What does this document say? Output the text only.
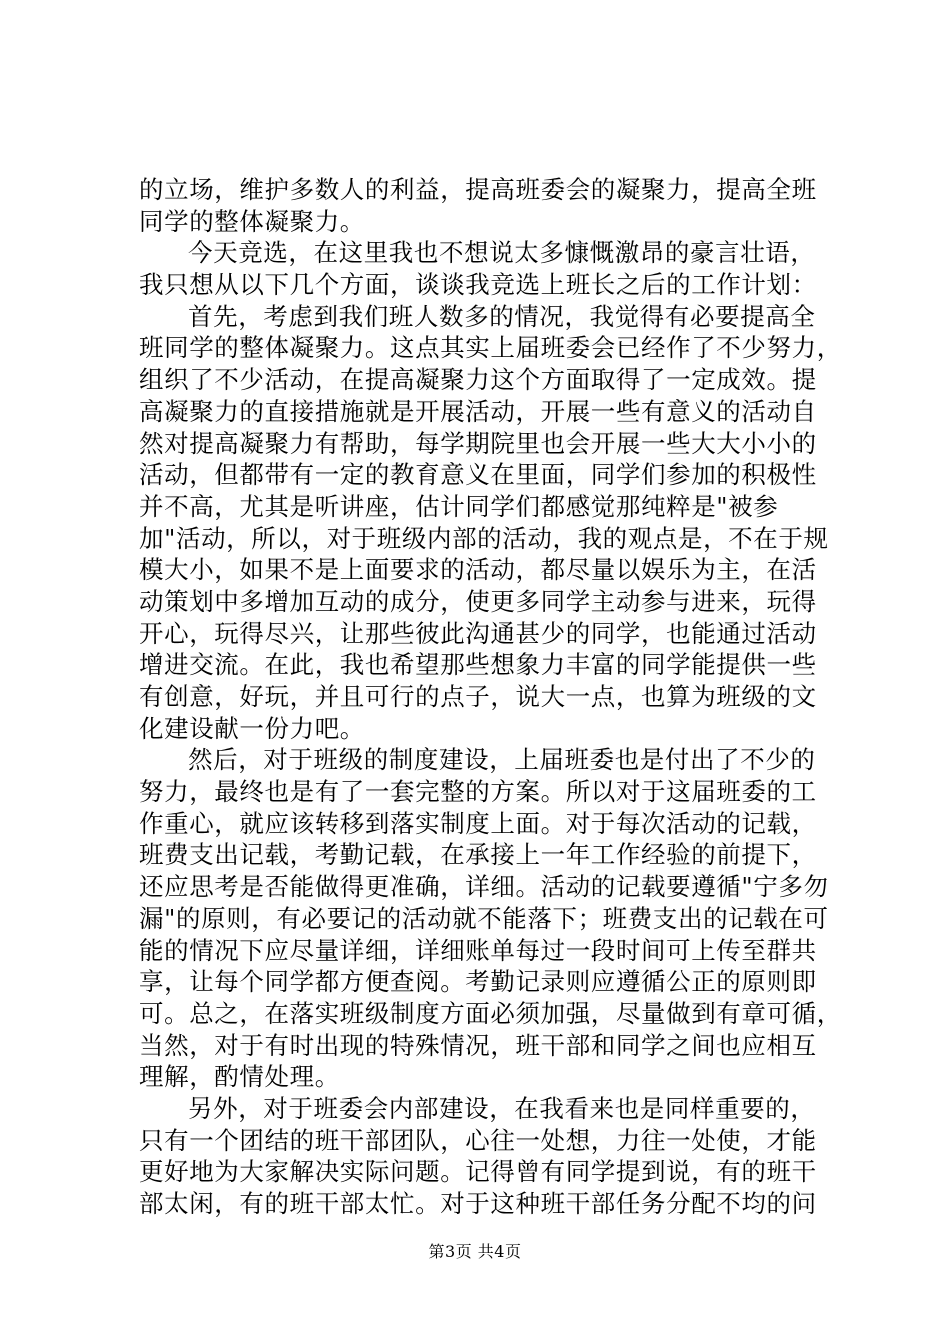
的立场，维护多数人的利益，提高班委会的凝聚力，提高全班
同学的整体凝聚力。
今天竞选，在这里我也不想说太多慷慨激昂的豪言壮语，
我只想从以下几个方面，谈谈我竞选上班长之后的工作计划：
首先，考虑到我们班人数多的情况，我觉得有必要提高全
班同学的整体凝聚力。这点其实上届班委会已经作了不少努力，
组织了不少活动，在提高凝聚力这个方面取得了一定成效。提
高凝聚力的直接措施就是开展活动，开展一些有意义的活动自
然对提高凝聚力有帮助，每学期院里也会开展一些大大小小的
活动，但都带有一定的教育意义在里面，同学们参加的积极性
并不高，尤其是听讲座，估计同学们都感觉那纯粹是"被参
加"活动，所以，对于班级内部的活动，我的观点是，不在于规
模大小，如果不是上面要求的活动，都尽量以娱乐为主，在活
动策划中多增加互动的成分，使更多同学主动参与进来，玩得
开心，玩得尽兴，让那些彼此沟通甚少的同学，也能通过活动
增进交流。在此，我也希望那些想象力丰富的同学能提供一些
有创意，好玩，并且可行的点子，说大一点，也算为班级的文
化建设献一份力吧。
然后，对于班级的制度建设，上届班委也是付出了不少的
努力，最终也是有了一套完整的方案。所以对于这届班委的工
作重心，就应该转移到落实制度上面。对于每次活动的记载，
班费支出记载，考勤记载，在承接上一年工作经验的前提下，
还应思考是否能做得更准确，详细。活动的记载要遵循"宁多勿
漏"的原则，有必要记的活动就不能落下；班费支出的记载在可
能的情况下应尽量详细，详细账单每过一段时间可上传至群共
享，让每个同学都方便查阅。考勤记录则应遵循公正的原则即
可。总之，在落实班级制度方面必须加强，尽量做到有章可循，
当然，对于有时出现的特殊情况，班干部和同学之间也应相互
理解，酌情处理。
另外，对于班委会内部建设，在我看来也是同样重要的，
只有一个团结的班干部团队，心往一处想，力往一处使，才能
更好地为大家解决实际问题。记得曾有同学提到说，有的班干
部太闲，有的班干部太忙。对于这种班干部任务分配不均的问
第3页 共4页
